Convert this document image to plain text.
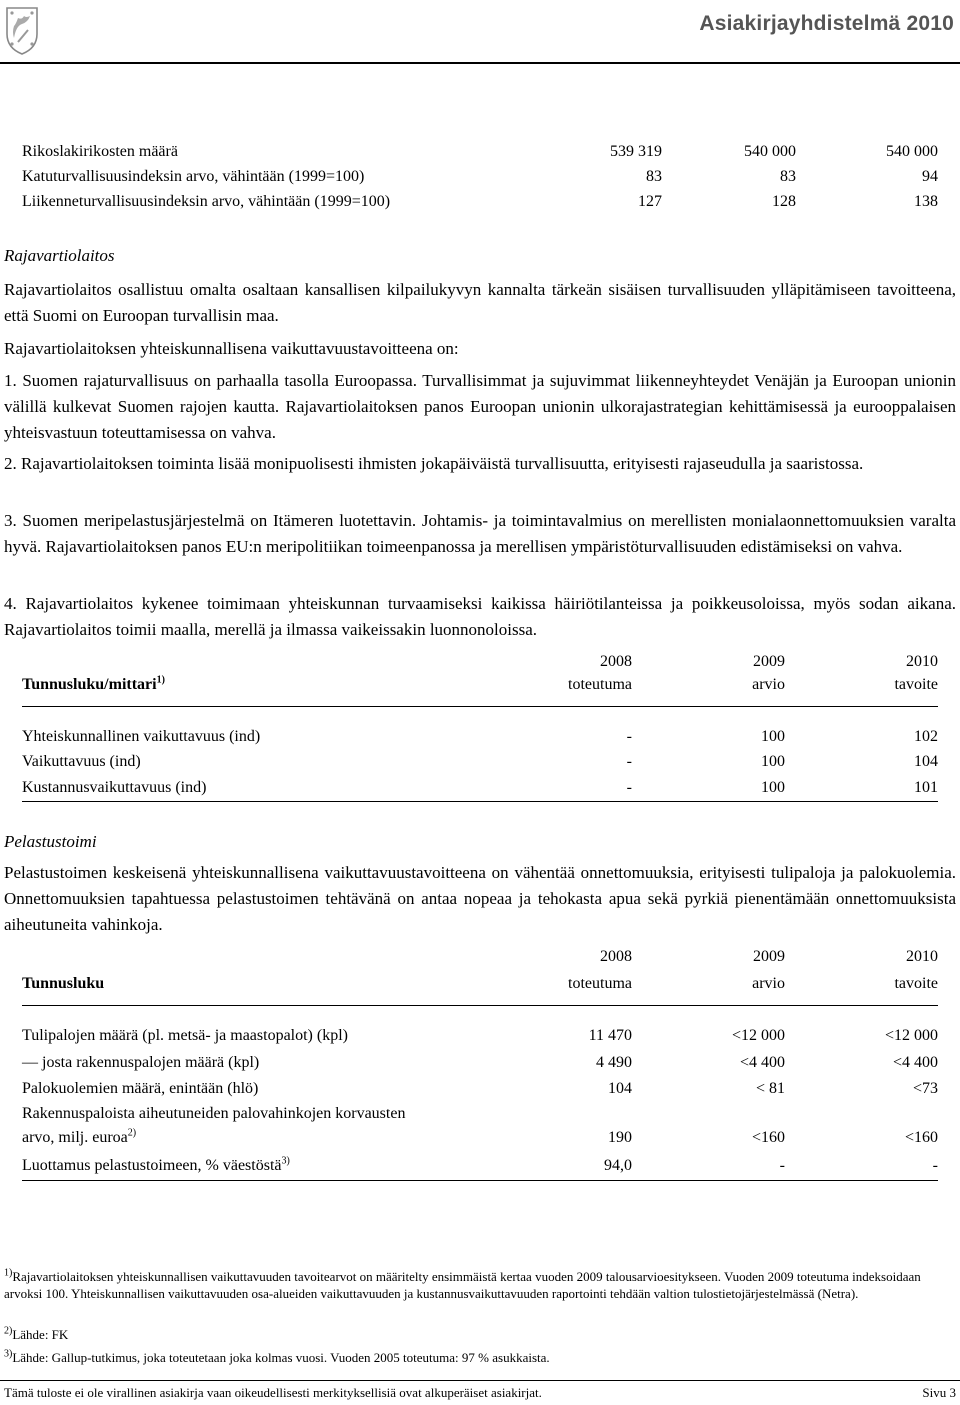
Asiakirjayhdistelmä 2010
Rikoslakirikosten määrä	539 319	540 000	540 000
Katuturvallisuusindeksin arvo, vähintään (1999=100)	83	83	94
Liikenneturvallisuusindeksin arvo, vähintään (1999=100)	127	128	138
Rajavartiolaitos
Rajavartiolaitos osallistuu omalta osaltaan kansallisen kilpailukyvyn kannalta tärkeän sisäisen turvallisuuden ylläpitämiseen tavoitteena, että Suomi on Euroopan turvallisin maa.
Rajavartiolaitoksen yhteiskunnallisena vaikuttavuustavoitteena on:
1. Suomen rajaturvallisuus on parhaalla tasolla Euroopassa. Turvallisimmat ja sujuvimmat liikenneyhteydet Venäjän ja Euroopan unionin välillä kulkevat Suomen rajojen kautta. Rajavartiolaitoksen panos Euroopan unionin ulkorajastrategian kehittämisessä ja eurooppalaisen yhteisvastuun toteuttamisessa on vahva.
2. Rajavartiolaitoksen toiminta lisää monipuolisesti ihmisten jokapäiväistä turvallisuutta, erityisesti rajaseudulla ja saaristossa.
3. Suomen meripelastusjärjestelmä on Itämeren luotettavin. Johtamis- ja toimintavalmius on merellisten monialaonnettomuuksien varalta hyvä. Rajavartiolaitoksen panos EU:n meripolitiikan toimeenpanossa ja merellisen ympäristöturvallisuuden edistämiseksi on vahva.
4. Rajavartiolaitos kykenee toimimaan yhteiskunnan turvaamiseksi kaikissa häiriötilanteissa ja poikkeusoloissa, myös sodan aikana. Rajavartiolaitos toimii maalla, merellä ja ilmassa vaikeissakin luonnonoloissa.
2008	2009	2010
Tunnusluku/mittari$^{1)}$	toteutuma	arvio	tavoite
Yhteiskunnallinen vaikuttavuus (ind)	-	100	102
Vaikuttavuus (ind)	-	100	104
Kustannusvaikuttavuus (ind)	-	100	101
Pelastustoimi
Pelastustoimen keskeisenä yhteiskunnallisena vaikuttavuustavoitteena on vähentää onnettomuuksia, erityisesti tulipaloja ja palokuolemia. Onnettomuuksien tapahtuessa pelastustoimen tehtävänä on antaa nopeaa ja tehokasta apua sekä pyrkiä pienentämään onnettomuuksista aiheutuneita vahinkoja.
2008	2009	2010
Tunnusluku	toteutuma	arvio	tavoite
Tulipalojen määrä (pl. metsä- ja maastopalot) (kpl)	11 470	<12 000	<12 000
— josta rakennuspalojen määrä (kpl)	4 490	<4 400	<4 400
Palokuolemien määrä, enintään (hlö)	104	< 81	<73
Rakennuspaloista aiheutuneiden palovahinkojen korvausten
arvo, milj. euroa$^{2)}$	190	<160	<160
Luottamus pelastustoimeen, % väestöstä$^{3)}$	94,0	-	-
$^{1)}$Rajavartiolaitoksen yhteiskunnallisen vaikuttavuuden tavoitearvot on määritelty ensimmäistä kertaa vuoden 2009 talousarvioesitykseen. Vuoden 2009 toteutuma indeksoidaan arvoksi 100. Yhteiskunnallisen vaikuttavuuden osa-alueiden vaikuttavuuden ja kustannusvaikuttavuuden raportointi tehdään valtion tulostietojärjestelmässä (Netra).
$^{2)}$Lähde: FK
$^{3)}$Lähde: Gallup-tutkimus, joka toteutetaan joka kolmas vuosi. Vuoden 2005 toteutuma: 97 % asukkaista.
Tämä tuloste ei ole virallinen asiakirja vaan oikeudellisesti merkityksellisiä ovat alkuperäiset asiakirjat.	Sivu 3
